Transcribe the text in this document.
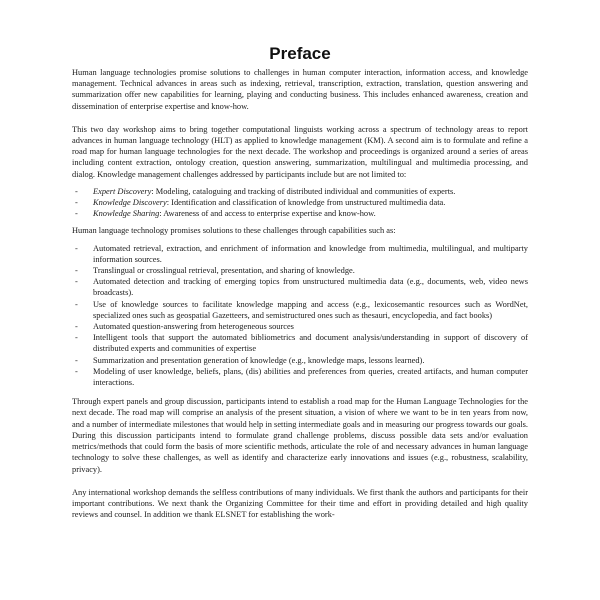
Preface

Human language technologies promise solutions to challenges in human computer interaction, information access, and knowledge management. Technical advances in areas such as indexing, retrieval, transcription, extraction, translation, question answering and summarization offer new capabilities for learning, playing and conducting business. This includes enhanced awareness, creation and dissemination of enterprise expertise and know-how.

This two day workshop aims to bring together computational linguists working across a spectrum of technology areas to report advances in human language technology (HLT) as applied to knowledge management (KM). A second aim is to formulate and refine a road map for human language technologies for the next decade. The workshop and proceedings is organized around a series of areas including content extraction, ontology creation, question answering, summarization, multilingual and multimedia processing, and dialog. Knowledge management challenges addressed by participants include but are not limited to:

- Expert Discovery: Modeling, cataloguing and tracking of distributed individual and communities of experts.
- Knowledge Discovery: Identification and classification of knowledge from unstructured multimedia data.
- Knowledge Sharing: Awareness of and access to enterprise expertise and know-how.

Human language technology promises solutions to these challenges through capabilities such as:

- Automated retrieval, extraction, and enrichment of information and knowledge from multimedia, multilingual, and multiparty information sources.
- Translingual or crosslingual retrieval, presentation, and sharing of knowledge.
- Automated detection and tracking of emerging topics from unstructured multimedia data (e.g., documents, web, video news broadcasts).
- Use of knowledge sources to facilitate knowledge mapping and access (e.g., lexicosemantic resources such as WordNet, specialized ones such as geospatial Gazetteers, and semistructured ones such as thesauri, encyclopedia, and fact books)
- Automated question-answering from heterogeneous sources
- Intelligent tools that support the automated bibliometrics and document analysis/understanding in support of discovery of distributed experts and communities of expertise
- Summarization and presentation generation of knowledge (e.g., knowledge maps, lessons learned).
- Modeling of user knowledge, beliefs, plans, (dis) abilities and preferences from queries, created artifacts, and human computer interactions.

Through expert panels and group discussion, participants intend to establish a road map for the Human Language Technologies for the next decade. The road map will comprise an analysis of the present situation, a vision of where we want to be in ten years from now, and a number of intermediate milestones that would help in setting intermediate goals and in measuring our progress towards our goals. During this discussion participants intend to formulate grand challenge problems, discuss possible data sets and/or evaluation metrics/methods that could form the basis of more scientific methods, articulate the role of and necessary advances in human language technology to solve these challenges, as well as identify and characterize early innovations and issues (e.g., robustness, scalability, privacy).

Any international workshop demands the selfless contributions of many individuals. We first thank the authors and participants for their important contributions. We next thank the Organizing Committee for their time and effort in providing detailed and high quality reviews and counsel. In addition we thank ELSNET for establishing the work-
